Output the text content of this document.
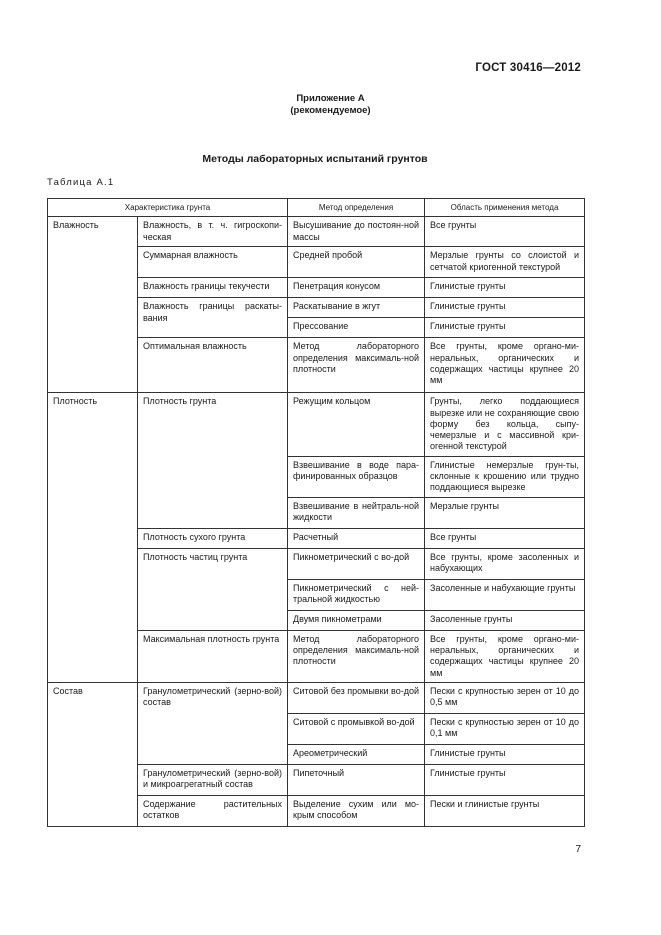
ГОСТ 30416—2012
Приложение А
(рекомендуемое)
Методы лабораторных испытаний грунтов
Таблица А.1
Характеристика грунта		Метод определения	Область применения метода
Влажность	Влажность, в т. ч. гигроскопи-ческая	Высушивание до постоян-ной массы	Все грунты
	Суммарная влажность	Средней пробой	Мерзлые грунты со слоистой и сетчатой криогенной текстурой
	Влажность границы текучести	Пенетрация конусом	Глинистые грунты
	Влажность границы раскаты-вания	Раскатывание в жгут	Глинистые грунты
		Прессование	Глинистые грунты
	Оптимальная влажность	Метод лабораторного определения максималь-ной плотности	Все грунты, кроме органо-ми-неральных, органических и содержащих частицы крупнее 20 мм
Плотность	Плотность грунта	Режущим кольцом	Грунты, легко поддающиеся вырезке или не сохраняющие свою форму без кольца, сыпу-чемерзлые и с массивной кри-огенной текстурой
		Взвешивание в воде пара-финированных образцов	Глинистые немерзлые грун-ты, склонные к крошению или трудно поддающиеся вырезке
		Взвешивание в нейтраль-ной жидкости	Мерзлые грунты
	Плотность сухого грунта	Расчетный	Все грунты
	Плотность частиц грунта	Пикнометрический с во-дой	Все грунты, кроме засоленных и набухающих
		Пикнометрический с ней-тральной жидкостью	Засоленные и набухающие грунты
		Двумя пикнометрами	Засоленные грунты
	Максимальная плотность грунта	Метод лабораторного определения максималь-ной плотности	Все грунты, кроме органо-ми-неральных, органических и содержащих частицы крупнее 20 мм
Состав	Гранулометрический (зерно-вой) состав	Ситовой без промывки во-дой	Пески с крупностью зерен от 10 до 0,5 мм
		Ситовой с промывкой во-дой	Пески с крупностью зерен от 10 до 0,1 мм
		Ареометрический	Глинистые грунты
	Гранулометрический (зерно-вой) и микроагрегатный состав	Пипеточный	Глинистые грунты
	Содержание растительных остатков	Выделение сухим или мо-крым способом	Пески и глинистые грунты
7
